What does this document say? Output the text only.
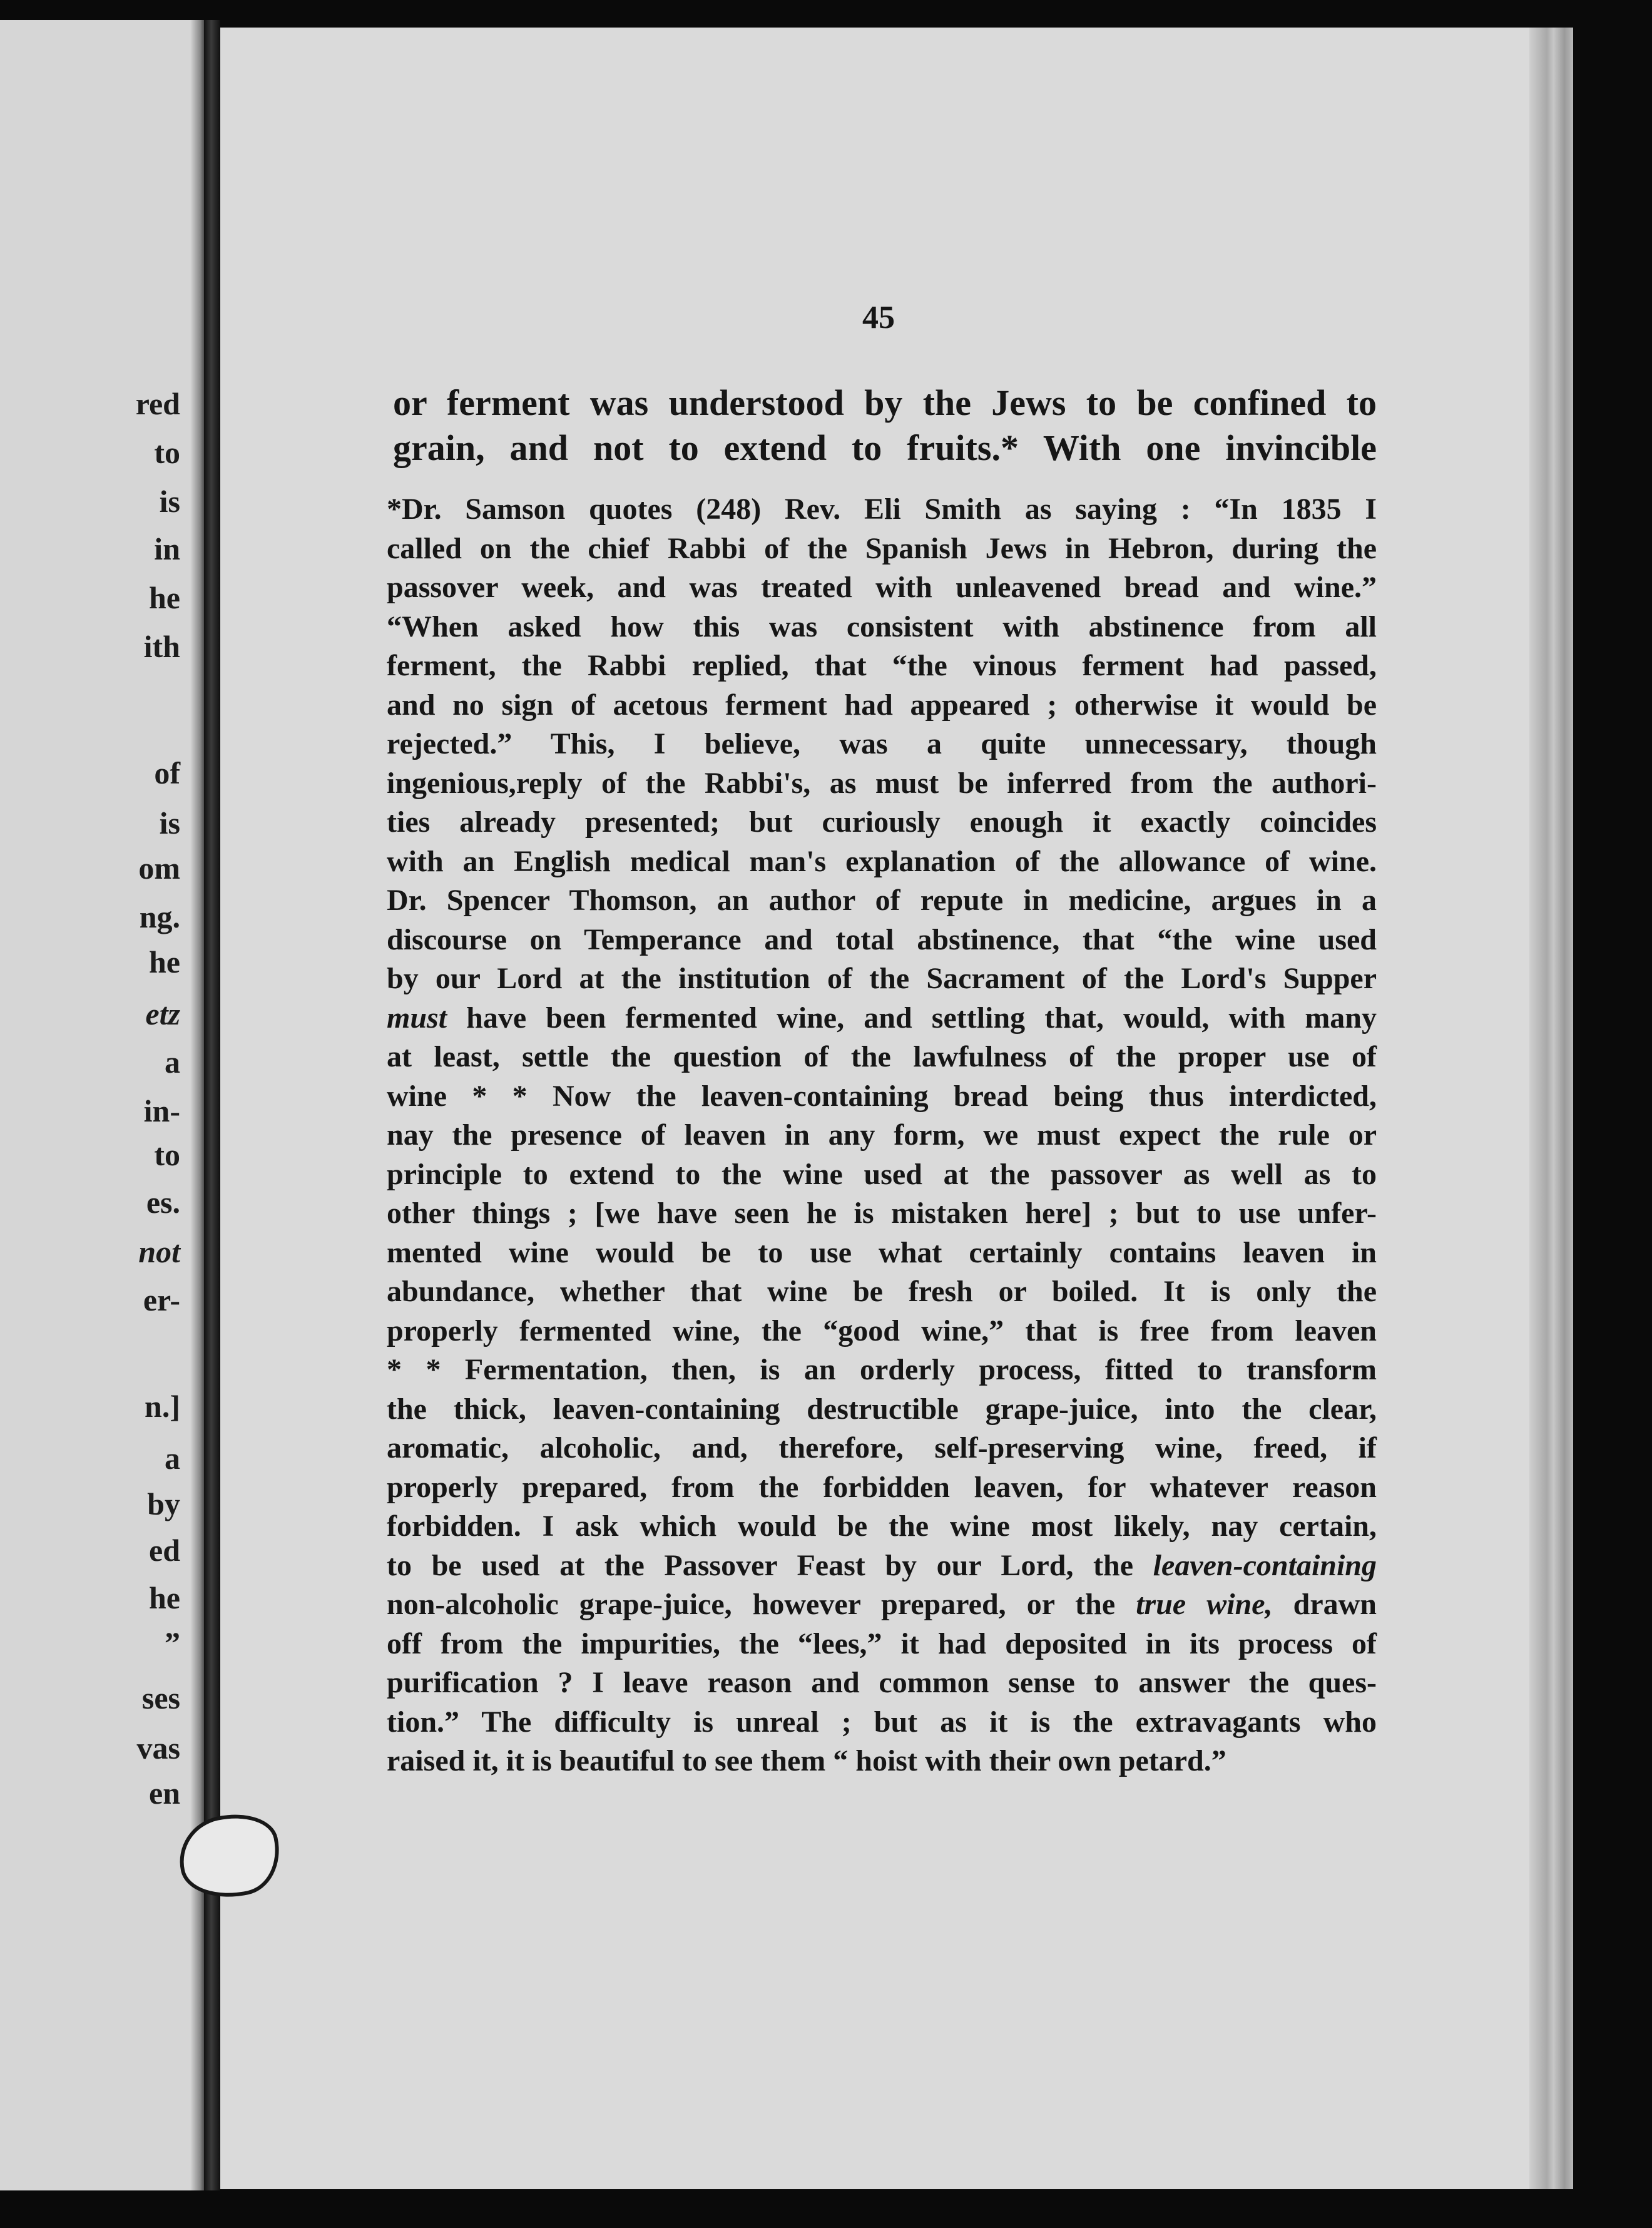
red
to
is
in
he
ith
of
is
om
ng.
he
etz
a
in-
to
es.
not
er-
n.]
a
by
ed
he
”
ses
vas
en
45
or ferment was understood by the Jews to be confined to
grain, and not to extend to fruits.* With one invincible
*Dr. Samson quotes (248) Rev. Eli Smith as saying : “In 1835 I
called on the chief Rabbi of the Spanish Jews in Hebron, during the
passover week, and was treated with unleavened bread and wine.”
“When asked how this was consistent with abstinence from all
ferment, the Rabbi replied, that “the vinous ferment had passed,
and no sign of acetous ferment had appeared ; otherwise it would be
rejected.” This, I believe, was a quite unnecessary, though
ingenious,reply of the Rabbi's, as must be inferred from the authori-
ties already presented; but curiously enough it exactly coincides
with an English medical man's explanation of the allowance of wine.
Dr. Spencer Thomson, an author of repute in medicine, argues in a
discourse on Temperance and total abstinence, that “the wine used
by our Lord at the institution of the Sacrament of the Lord's Supper
must have been fermented wine, and settling that, would, with many
at least, settle the question of the lawfulness of the proper use of
wine * * Now the leaven-containing bread being thus interdicted,
nay the presence of leaven in any form, we must expect the rule or
principle to extend to the wine used at the passover as well as to
other things ; [we have seen he is mistaken here] ; but to use unfer-
mented wine would be to use what certainly contains leaven in
abundance, whether that wine be fresh or boiled. It is only the
properly fermented wine, the “good wine,” that is free from leaven
* * Fermentation, then, is an orderly process, fitted to transform
the thick, leaven-containing destructible grape-juice, into the clear,
aromatic, alcoholic, and, therefore, self-preserving wine, freed, if
properly prepared, from the forbidden leaven, for whatever reason
forbidden. I ask which would be the wine most likely, nay certain,
to be used at the Passover Feast by our Lord, the leaven-containing
non-alcoholic grape-juice, however prepared, or the true wine, drawn
off from the impurities, the “lees,” it had deposited in its process of
purification ? I leave reason and common sense to answer the ques-
tion.” The difficulty is unreal ; but as it is the extravagants who
raised it, it is beautiful to see them “ hoist with their own petard.”
